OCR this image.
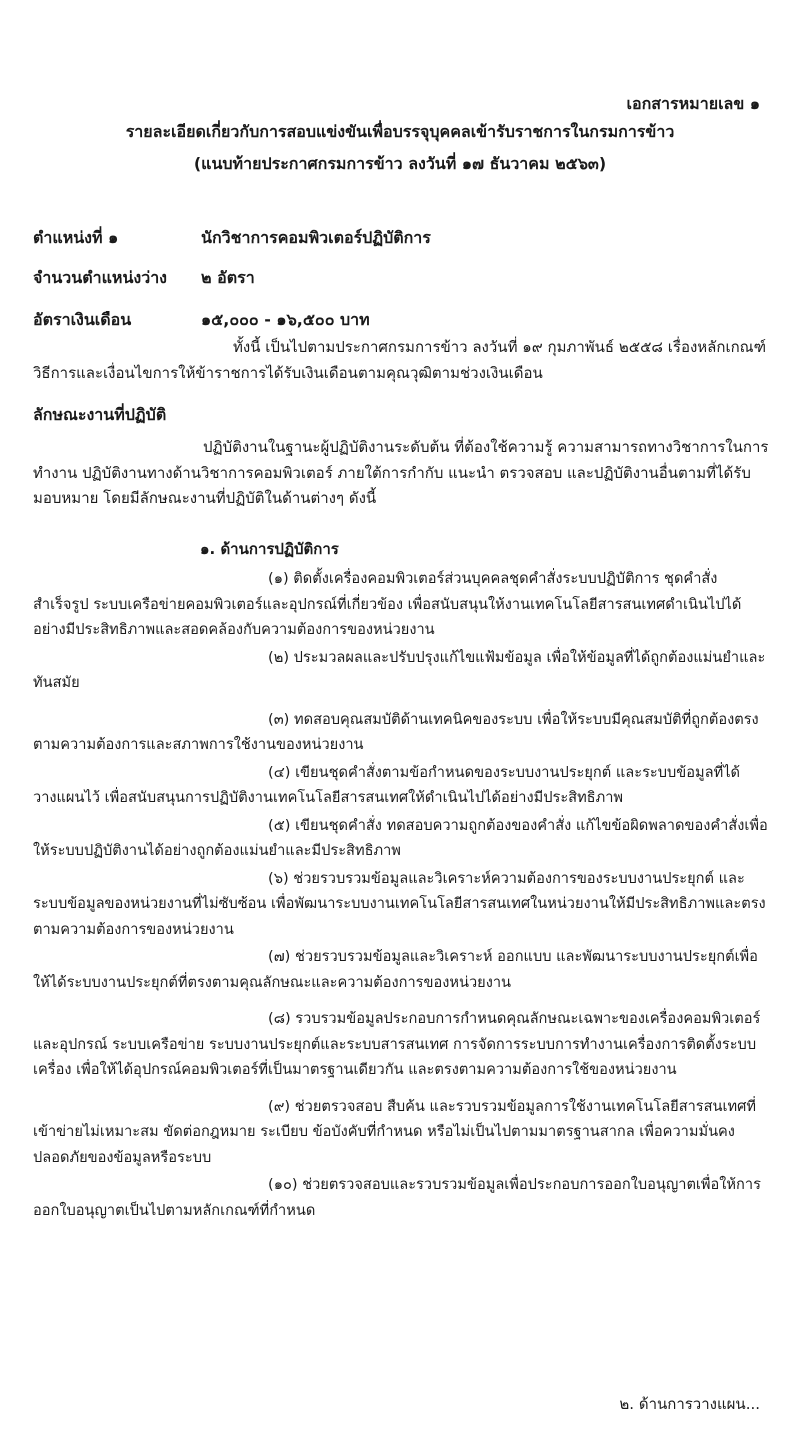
เอกสารหมายเลข ๑
รายละเอียดเกี่ยวกับการสอบแข่งขันเพื่อบรรจุบุคคลเข้ารับราชการในกรมการข้าว
(แนบท้ายประกาศกรมการข้าว ลงวันที่ ๑๗ ธันวาคม ๒๕๖๓)
ตำแหน่งที่ ๑	นักวิชาการคอมพิวเตอร์ปฏิบัติการ
จำนวนตำแหน่งว่าง ๒ อัตรา
อัตราเงินเดือน	๑๕,๐๐๐ - ๑๖,๕๐๐ บาท
ทั้งนี้ เป็นไปตามประกาศกรมการข้าว ลงวันที่ ๑๙ กุมภาพันธ์ ๒๕๕๘ เรื่องหลักเกณฑ์ วิธีการและเงื่อนไขการให้ข้าราชการได้รับเงินเดือนตามคุณวุฒิตามช่วงเงินเดือน
ลักษณะงานที่ปฏิบัติ
ปฏิบัติงานในฐานะผู้ปฏิบัติงานระดับต้น ที่ต้องใช้ความรู้ ความสามารถทางวิชาการในการทำงาน ปฏิบัติงานทางด้านวิชาการคอมพิวเตอร์ ภายใต้การกำกับ แนะนำ ตรวจสอบ และปฏิบัติงานอื่นตามที่ได้รับมอบหมาย โดยมีลักษณะงานที่ปฏิบัติในด้านต่างๆ ดังนี้
๑. ด้านการปฏิบัติการ

(๑) ติดตั้งเครื่องคอมพิวเตอร์ส่วนบุคคลชุดคำสั่งระบบปฏิบัติการ ชุดคำสั่งสำเร็จรูป ระบบเครือข่ายคอมพิวเตอร์และอุปกรณ์ที่เกี่ยวข้อง เพื่อสนับสนุนให้งานเทคโนโลยีสารสนเทศดำเนินไปได้อย่างมีประสิทธิภาพและสอดคล้องกับความต้องการของหน่วยงาน

(๒) ประมวลผลและปรับปรุงแก้ไขแฟ้มข้อมูล เพื่อให้ข้อมูลที่ได้ถูกต้องแม่นยำและทันสมัย

(๓) ทดสอบคุณสมบัติด้านเทคนิคของระบบ เพื่อให้ระบบมีคุณสมบัติที่ถูกต้องตรงตามความต้องการและสภาพการใช้งานของหน่วยงาน

(๔) เขียนชุดคำสั่งตามข้อกำหนดของระบบงานประยุกต์ และระบบข้อมูลที่ได้วางแผนไว้ เพื่อสนับสนุนการปฏิบัติงานเทคโนโลยีสารสนเทศให้ดำเนินไปได้อย่างมีประสิทธิภาพ

(๕) เขียนชุดคำสั่ง ทดสอบความถูกต้องของคำสั่ง แก้ไขข้อผิดพลาดของคำสั่งเพื่อให้ระบบปฏิบัติงานได้อย่างถูกต้องแม่นยำและมีประสิทธิภาพ

(๖) ช่วยรวบรวมข้อมูลและวิเคราะห์ความต้องการของระบบงานประยุกต์ และระบบข้อมูลของหน่วยงานที่ไม่ซับซ้อน เพื่อพัฒนาระบบงานเทคโนโลยีสารสนเทศในหน่วยงานให้มีประสิทธิภาพและตรงตามความต้องการของหน่วยงาน

(๗) ช่วยรวบรวมข้อมูลและวิเคราะห์ ออกแบบ และพัฒนาระบบงานประยุกต์เพื่อให้ได้ระบบงานประยุกต์ที่ตรงตามคุณลักษณะและความต้องการของหน่วยงาน

(๘) รวบรวมข้อมูลประกอบการกำหนดคุณลักษณะเฉพาะของเครื่องคอมพิวเตอร์และอุปกรณ์ ระบบเครือข่าย ระบบงานประยุกต์และระบบสารสนเทศ การจัดการระบบการทำงานเครื่องการติดตั้งระบบเครื่อง เพื่อให้ได้อุปกรณ์คอมพิวเตอร์ที่เป็นมาตรฐานเดียวกัน และตรงตามความต้องการใช้ของหน่วยงาน

(๙) ช่วยตรวจสอบ สืบค้น และรวบรวมข้อมูลการใช้งานเทคโนโลยีสารสนเทศที่เข้าข่ายไม่เหมาะสม ขัดต่อกฎหมาย ระเบียบ ข้อบังคับที่กำหนด หรือไม่เป็นไปตามมาตรฐานสากล เพื่อความมั่นคงปลอดภัยของข้อมูลหรือระบบ

(๑๐) ช่วยตรวจสอบและรวบรวมข้อมูลเพื่อประกอบการออกใบอนุญาตเพื่อให้การออกใบอนุญาตเป็นไปตามหลักเกณฑ์ที่กำหนด

๒. ด้านการวางแผน...
